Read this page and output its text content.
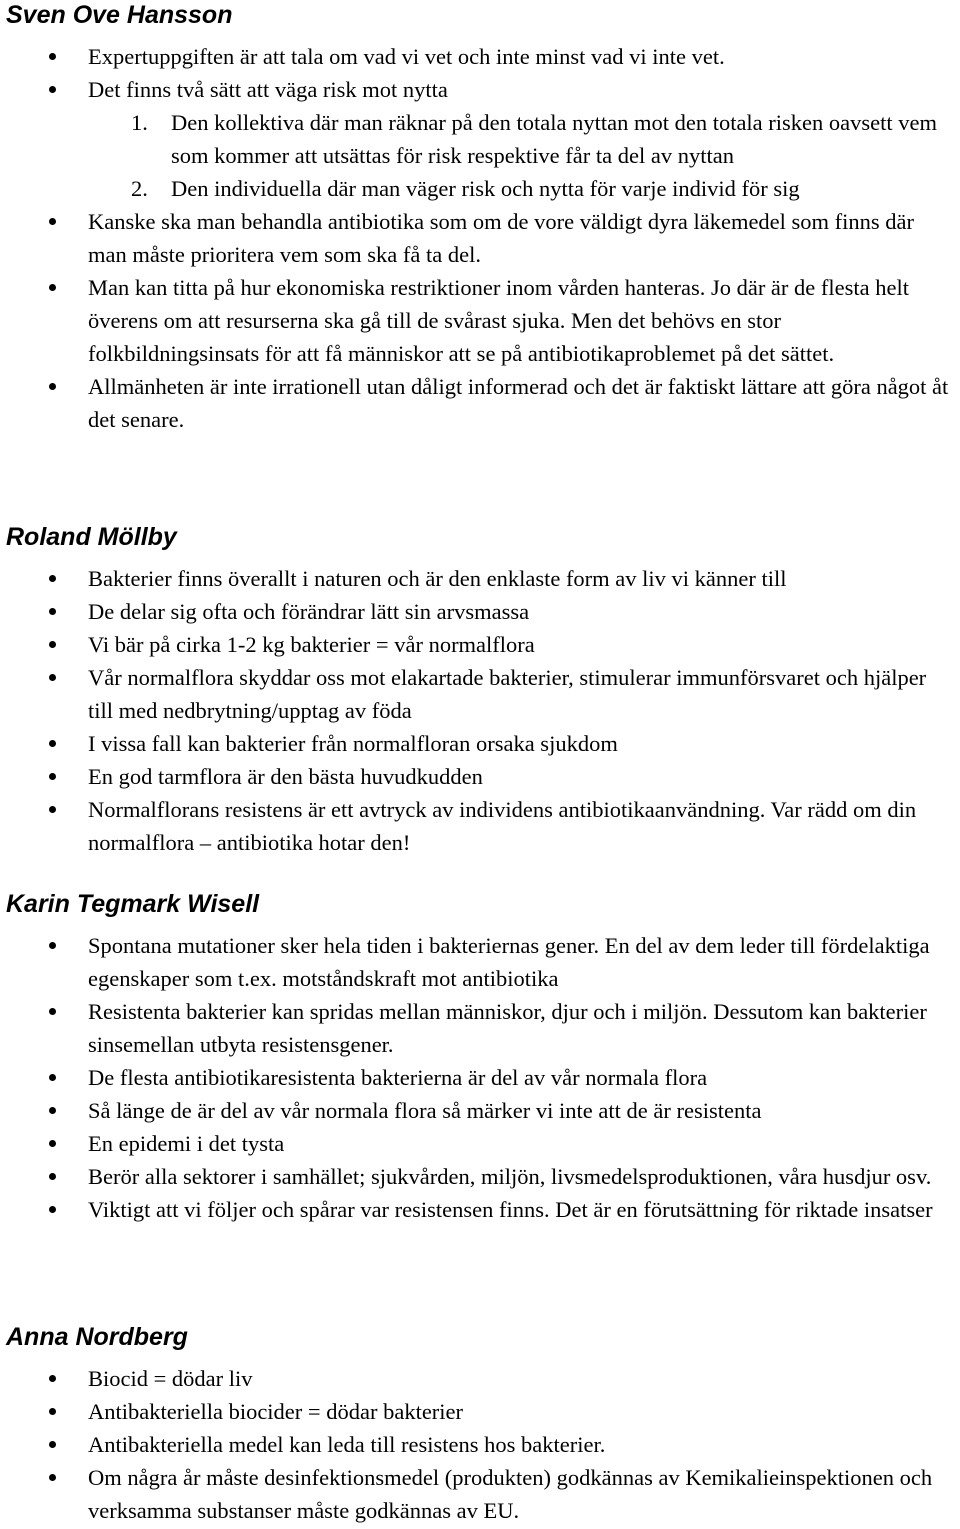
Sven Ove Hansson
Expertuppgiften är att tala om vad vi vet och inte minst vad vi inte vet.
Det finns två sätt att väga risk mot nytta
1. Den kollektiva där man räknar på den totala nyttan mot den totala risken oavsett vem som kommer att utsättas för risk respektive får ta del av nyttan
2. Den individuella där man väger risk och nytta för varje individ för sig
Kanske ska man behandla antibiotika som om de vore väldigt dyra läkemedel som finns där man måste prioritera vem som ska få ta del.
Man kan titta på hur ekonomiska restriktioner inom vården hanteras. Jo där är de flesta helt överens om att resurserna ska gå till de svårast sjuka. Men det behövs en stor folkbildningsinsats för att få människor att se på antibiotikaproblemet på det sättet.
Allmänheten är inte irrationell utan dåligt informerad och det är faktiskt lättare att göra något åt det senare.
Roland Möllby
Bakterier finns överallt i naturen och är den enklaste form av liv vi känner till
De delar sig ofta och förändrar lätt sin arvsmassa
Vi bär på cirka 1-2 kg bakterier = vår normalflora
Vår normalflora skyddar oss mot elakartade bakterier, stimulerar immunförsvaret och hjälper till med nedbrytning/upptag av föda
I vissa fall kan bakterier från normalfloran orsaka sjukdom
En god tarmflora är den bästa huvudkudden
Normalflorans resistens är ett avtryck av individens antibiotikaanvändning. Var rädd om din normalflora – antibiotika hotar den!
Karin Tegmark Wisell
Spontana mutationer sker hela tiden i bakteriernas gener. En del av dem leder till fördelaktiga egenskaper som t.ex. motståndskraft mot antibiotika
Resistenta bakterier kan spridas mellan människor, djur och i miljön. Dessutom kan bakterier sinsemellan utbyta resistensgener.
De flesta antibiotikaresistenta bakterierna är del av vår normala flora
Så länge de är del av vår normala flora så märker vi inte att de är resistenta
En epidemi i det tysta
Berör alla sektorer i samhället; sjukvården, miljön, livsmedelsproduktionen, våra husdjur osv.
Viktigt att vi följer och spårar var resistensen finns. Det är en förutsättning för riktade insatser
Anna Nordberg
Biocid = dödar liv
Antibakteriella biocider = dödar bakterier
Antibakteriella medel kan leda till resistens hos bakterier.
Om några år måste desinfektionsmedel (produkten) godkännas av Kemikalieinspektionen och verksamma substanser måste godkännas av EU.
